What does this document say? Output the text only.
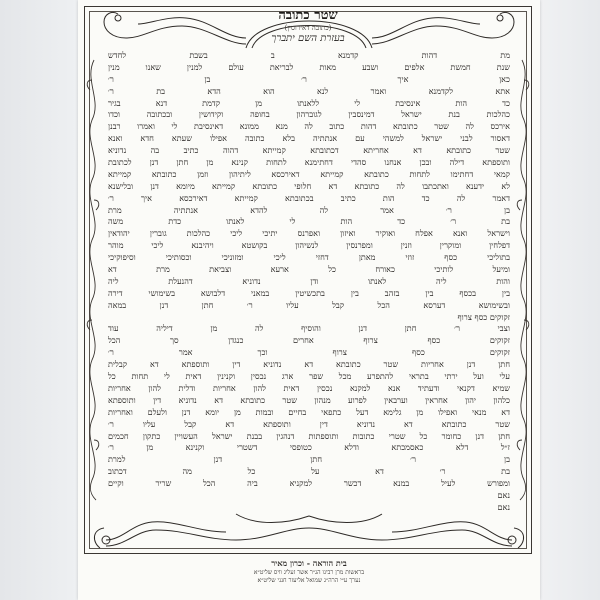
שטר כתובה
(כתובה דאירוסין)
בעזרת השם יתברך
מת דהות קדמנא ב בשבת לחדש
שנת חמשת אלפים ושבע מאות לבריאת עולם למנין שאנו מנין
כאן איך ר׳ בן ר׳
אתא לקדמנא ואמר לנא הוא הדא בת ר׳
כד הות אינסיבת לי ללאנתו מן קדמת דנא בגיר
כהלכות בנת ישראל דמינסבין לגוברהון בחופה וקידושין ובכתובה וכדו
אירכס לה שטר כתובתא דהות כתוב לה מנא ממונא דאינסיבת לי ואמרו רבנן
דאסור לבני ישראל למשהי עם אנתתיה בלא כתובה אפילו שעתא חדא ואנא
שטר כתובתא דא אחריתא דכתובתא קמייתא דהוה כתיב בה נדוניא
ותוספתא דילה ובכן אנחנו סהדי דחתימנא לתחות קנינא מן חתן דנן לכתובת
קמאי דחתימו לתחות כתובתא קמייתא דאירכסא ליתיהון וזמן כתובתא קמייתא
לא ידענא ואתכתבו לה כתובתא דא חלופי כתובתא קמייתא מיומא דנן ובלישנא
דאמר לה כד הות כתיב בכתובתא קמייתא דאירכסא איך ר׳
בן ר׳ אמר לה להדא אנתתיה מרת
בת ר׳ כד הות לי לאנתו כדת משה
וישראל ואנא אפלח ואוקיר ואיזון ואפרנס יתיכי ליכי כהלכות גוברין יהודאין
דפלחין ומוקרין וזנין ומפרנסין לנשיהון בקושטא ויהיבנא ליכי מוהר
בתוליכי כסף זוזי מאתן דחזי ליכי ומזוניכי וכסותיכי וסיפוקיכי
ומיעל לותיכי כאורח כל ארעא וצביאת מרת דא
והות ליה לאנתו ודן נדוניא דהנעלת ליה
בין בכסף בין בזהב בין בתכשיטין במאני דלבושא בשימושי דירה
ובשימושא דערסא הכל קבל עליו ר׳ חתן דנן במאה
זקוקים כסף צרוף
וצבי ר׳ חתן דנן והוסיף לה מן דיליה עוד
זקוקים כסף צרוף אחרים כנגדן סך הכל
זקוקים כסף צרוף וכך אמר ר׳
חתן דנן אחריות שטר כתובתא דא נדוניא דין ותוספתא דא קבלית
עלי ועל ירתי בתראי להתפרע מכל שפר ארג נכסין וקנינין דאית לי תחות כל
שמיא דקנאי ודעתיד אנא למקנא נכסין דאית להון אחריות ודלית להון אחריות
כלהון יהון אחראין וערבאין לפרוע מנהון שטר כתובתא דא נדוניא דין ותוספתא
דא מנאי ואפילו מן גלימא דעל כתפאי בחיים ובמות מן יומא דנן ולעלם ואחריות
שטר כתובתא דא נדוניא דין ותוספתא דא קבל עליו ר׳
חתן דנן כחומר כל שטרי כתובות ותוספתות דנהגין בבנת ישראל העשויין כתקון חכמים
ז״ל דלא כאסמכתא ודלא כטופסי דשטרי וקנינא מן ר׳
בן ר׳ חתן דנן למרת
בת ר׳ דא על כל מה דכתוב
ומפורש לעיל במנא דכשר למקניא ביה הכל שריר וקיים
נאם
נאם
בית הוראה - וכרון מאיר
בראשות מרן רבינו הג״ר אשר זעליג וויס שליט״א
נערך ע״י הרה״ג שמואל אליעזר חנני שליט״א
